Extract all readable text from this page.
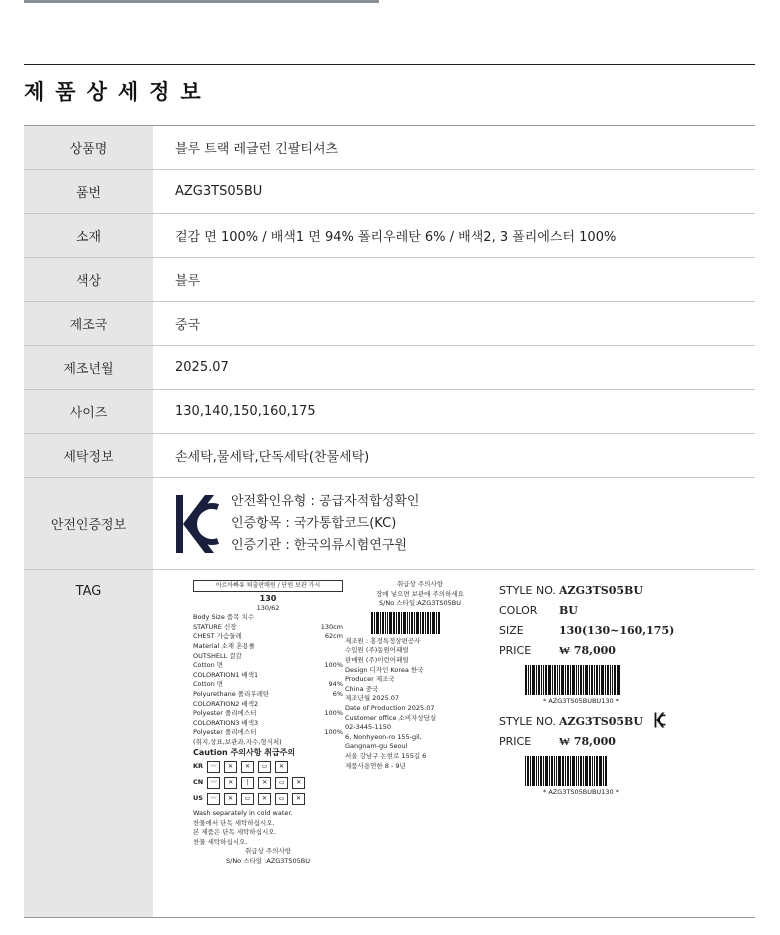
제품상세정보
상품명	블루 트랙 레글런 긴팔티셔츠
품번	AZG3TS05BU
소재	겉감 면 100% / 배색1 면 94% 폴리우레탄 6% / 배색2, 3 폴리에스터 100%
색상	블루
제조국	중국
제조년월	2025.07
사이즈	130,140,150,160,175
세탁정보	손세탁,물세탁,단독세탁(찬물세탁)
안전인증정보
안전확인유형 : 공급자적합성확인
인증항목 : 국가통합코드(KC)
인증기관 : 한국의류시험연구원
TAG	아르아빠유 퇴출판매원 / 단원 보관 가시
130
130/62
Body Size 품목 치수
STATURE 신장	130cm
CHEST 가슴둘레	62cm
Material 소재 혼용률
OUTSHELL 겉감
Cotton 면	100%
COLORATION1 배색1
Cotton 면	94%
Polyurethane 폴리우레탄	6%
COLORATION2 배색2
Polyester 폴리에스터	100%
COLORATION3 배색3
Polyester 폴리에스터	100%
(취지,상표,보관과,자수,형식처)
Caution 주의사항 취급주의
KR	〰	✕	✕	▭	✕
CN	〰	✕	|	✕	▭	✕
US	〰	✕	▭	✕	▭	✕
Wash separately in cold water.
찬물에서 단독 세탁하십시오.
본 제품은 단독 세탁하십시오.
찬물 세탁하십시오.
취급상 주의사항
S/No 스타일 :AZG3TS05BU
취급상 주의사항
장에 넣으면 보관에 주의하세요
S/No 스타일:AZG3TS05BU
제조원 : 홍정특정상편공사
수입원 (주)동원어패럴
판매원 (주)이런어패럴
Design 디자인 Korea 한국
Producer 제조국
China 중국
제조년월 2025.07
Date of Production 2025.07
Customer office 소비자상담실
02-3445-1150
6, Nonhyeon-ro 155-gil,
Gangnam-gu Seoul
서울 강남구 논현로 155길 6
제품사용연한 8 - 9년
STYLE NO. AZG3TS05BU
COLOR	BU
SIZE	130(130~160,175)
PRICE	₩ 78,000
* AZG3TS05BUBU130 *
STYLE NO. AZG3TS05BU
PRICE	₩ 78,000
* AZG3TS05BUBU130 *
